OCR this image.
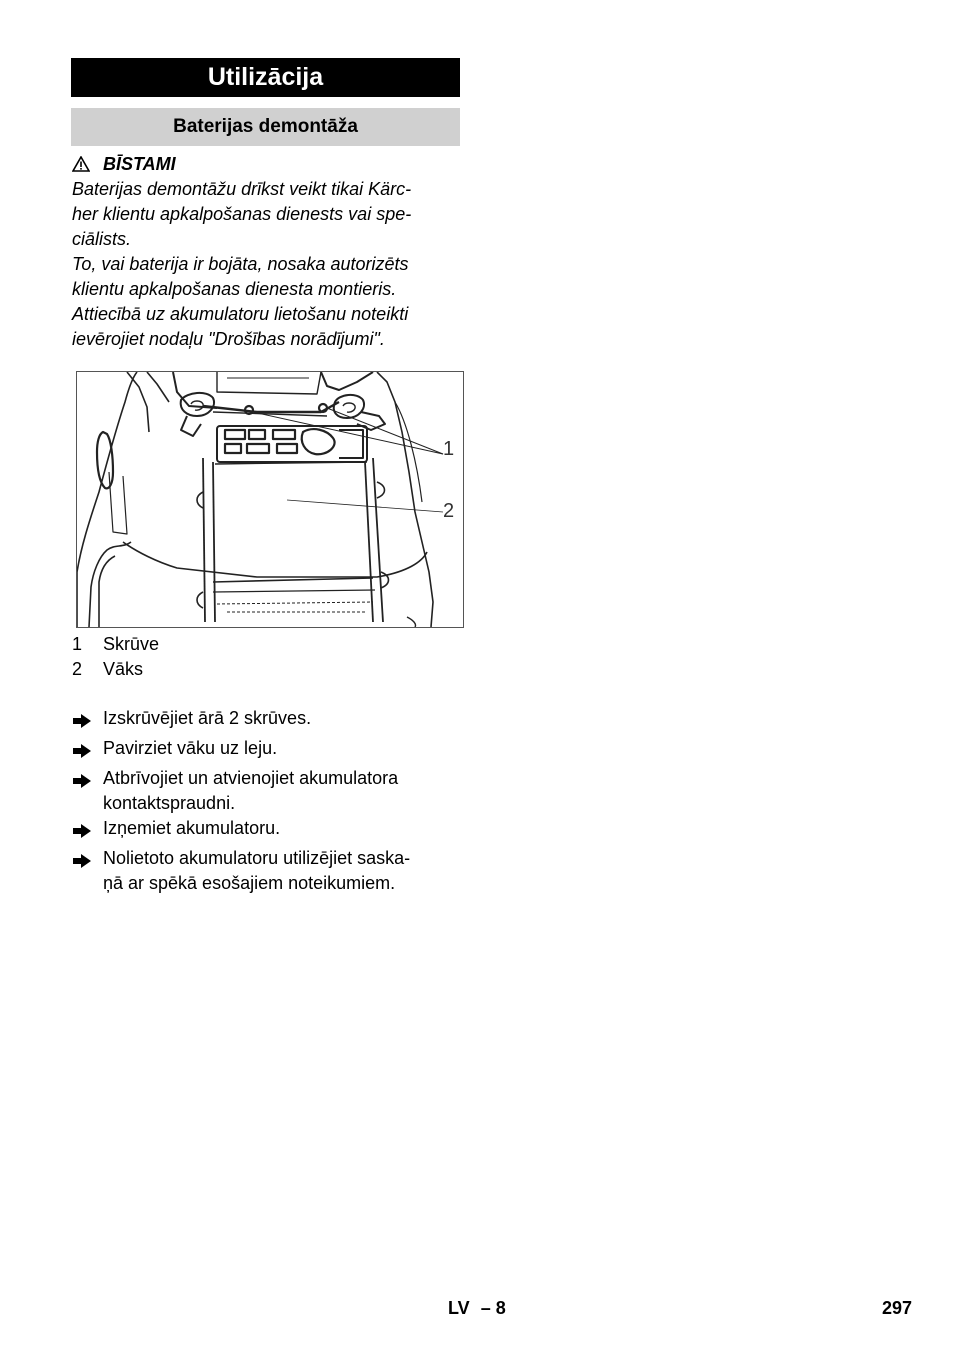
Utilizācija
Baterijas demontāža
BĪSTAMI

Baterijas demontāžu drīkst veikt tikai Kärc-

her klientu apkalpošanas dienests vai spe-

ciālists.

To, vai baterija ir bojāta, nosaka autorizēts

klientu apkalpošanas dienesta montieris.

Attiecībā uz akumulatoru lietošanu noteikti

ievērojiet nodaļu "Drošības norādījumi".

1
2
1	Skrūve
2	Vāks
Izskrūvējiet ārā 2 skrūves.
Pavirziet vāku uz leju.
Atbrīvojiet un atvienojiet akumulatora
kontaktspraudni.
Izņemiet akumulatoru.
Nolietoto akumulatoru utilizējiet saska-
ņā ar spēkā esošajiem noteikumiem.
LV – 8	297
